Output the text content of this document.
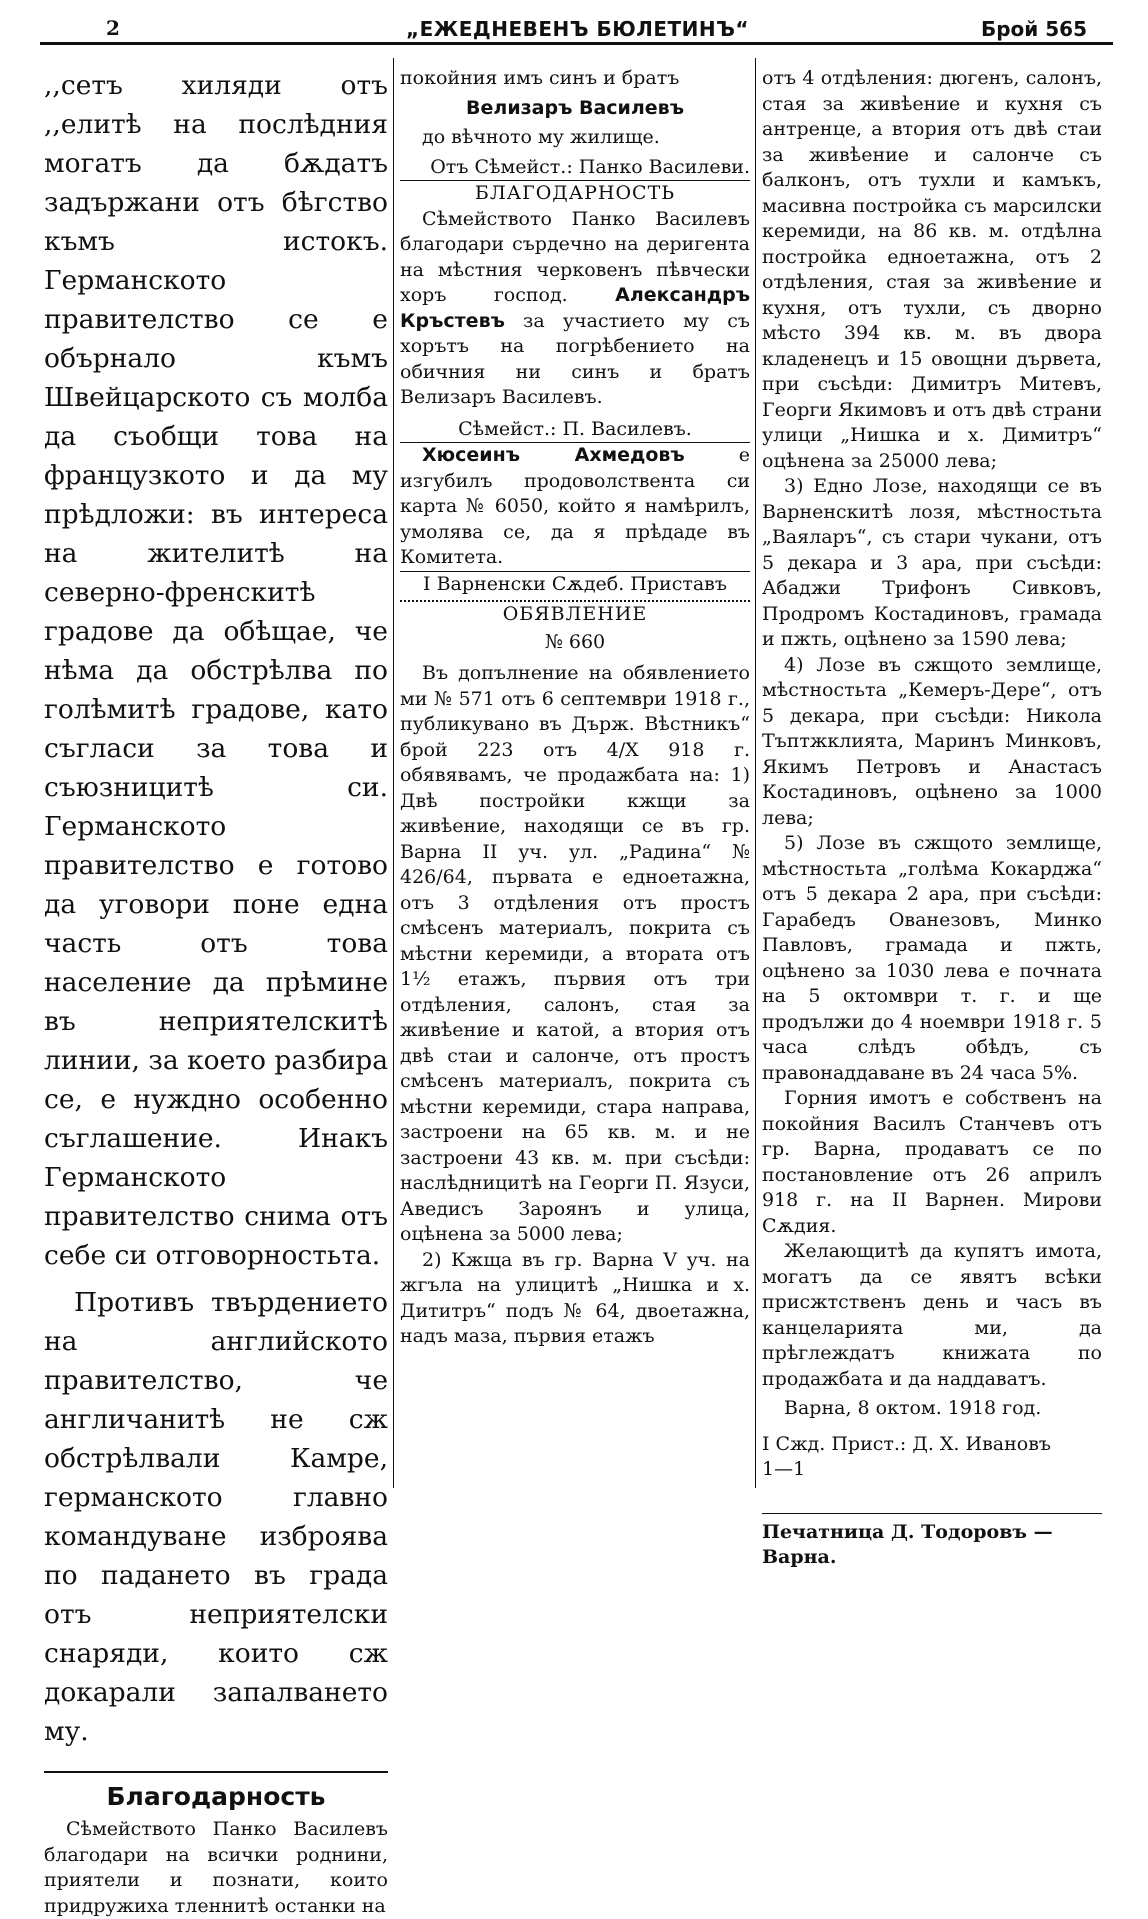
2	„ЕЖЕДНЕВЕНЪ БЮЛЕТИНЪ“	Брой 565

,,сетъ хиляди отъ ,,елитѣ на послѣдния могатъ да бѫдатъ задържани отъ бѣгство къмъ истокъ. Германското правителство се е обърнало къмъ Швейцарското съ молба да съобщи това на французкото и да му прѣдложи: въ интереса на жителитѣ на северно-френскитѣ градове да обѣщае, че нѣма да обстрѣлва по голѣмитѣ градове, като съгласи за това и съюзницитѣ си. Германското правителство е готово да уговори поне една часть отъ това население да прѣмине въ неприятелскитѣ линии, за което разбира се, е нуждно особенно съглашение. Инакъ Германското правителство снима отъ себе си отговорностьта.

Противъ твърдението на английското правителство, че англичанитѣ не сж обстрѣлвали Камре, германското главно командуване изброява по паданeто въ града отъ неприятелски снаряди, които сж докарали запалването му.

Благодарность

Сѣмейството Панко Василевъ благодари на всички роднини, приятели и познати, които придружиха тленнитѣ останки на

покойния имъ синъ и братъ
Велизаръ Василевъ
до вѣчното му жилище.
Отъ Сѣмейст.: Панко Василеви.
БЛАГОДАРНОСТЬ

Сѣмейството Панко Василевъ благодари сърдечно на деригента на мѣстния черковенъ пѣвчески хоръ господ. Александръ Кръстевъ за участието му съ хорътъ на погрѣбението на обичния ни синъ и братъ Велизаръ Василевъ.

Сѣмейст.: П. Василевъ.

Хюсеинъ Ахмедовъ	е изгубилъ продоволствента си карта № 6050, който я намѣрилъ, умолява се, да я прѣдаде въ Комитета.

I Варненски Сѫдеб. Приставъ
ОБЯВЛЕНИЕ
№ 660

Въ допълнение на обявлението ми № 571 отъ 6 септември 1918 г., публикувано въ Държ. Вѣстникъ“ брой 223 отъ 4/X 918 г. обявявамъ, че продажбата на: 1) Двѣ постройки кжщи за живѣение, находящи се въ гр. Варна II уч. ул. „Радина“ № 426/64, първата е едноетажна, отъ 3 отдѣления отъ простъ смѣсенъ материалъ, покрита съ мѣстни керемиди, а втората отъ 1½ етажъ, първия отъ три отдѣления, салонъ, стая за живѣение и катой, а втория отъ двѣ стаи и салонче, отъ простъ смѣсенъ материалъ, покрита съ мѣстни керемиди, стара направа, застроени на 65 кв. м. и не застроени 43 кв. м. при съсѣди: наслѣдницитѣ на Георги П. Язуси, Аведисъ Зароянъ и улица, оцѣнена за 5000 лева;

2) Кжща въ гр. Варна V уч. на жгъла на улицитѣ „Нишка и х. Дититръ“ подъ № 64, двоетажна, надъ маза, първия етажъ

отъ 4 отдѣления: дюгенъ, салонъ, стая за живѣение и кухня съ антренце, а втория отъ двѣ стаи за живѣение и салонче съ балконъ, отъ тухли и камъкъ, масивна постройка съ марсилски керемиди, на 86 кв. м. отдѣлна постройка едноетажна, отъ 2 отдѣления, стая за живѣение и кухня, отъ тухли, съ дворно мѣсто 394 кв. м. въ двора кладенецъ и 15 овощни дървета, при съсѣди: Димитръ Митевъ, Георги Якимовъ и отъ двѣ страни улици „Нишка и х. Димитръ“ оцѣнена за 25000 лева;

3) Едно Лозе, находящи се въ Варненскитѣ лозя, мѣстностьта „Ваяларъ“, съ стари чукани, отъ 5 декара и 3 ара, при съсѣди: Абаджи Трифонъ Сивковъ, Продромъ Костадиновъ, грамада и пжть, оцѣнено за 1590 лева;

4) Лозе въ сжщото землище, мѣстностьта „Кемеръ-Дере“, отъ 5 декара, при съсѣди: Никола Тъптжклията, Маринъ Минковъ, Якимъ Петровъ и Анастасъ Костадиновъ, оцѣнено за 1000 лева;

5) Лозе въ сжщото землище, мѣстностьта „голѣма Кокарджа“ отъ 5 декара 2 ара, при съсѣди: Гарабедъ Ованезовъ, Минко Павловъ, грамада и пжть, оцѣнено за 1030 лева е почната на 5 октомври т. г. и ще продължи до 4 ноември 1918 г. 5 часа слѣдъ обѣдъ, съ правонаддаване въ 24 часа 5%.

Горния имотъ е собственъ на покойния Василъ Станчевъ отъ гр. Варна, продаватъ се по постановление отъ 26 априлъ 918 г. на II Варнен. Мирови Сѫдия.

Желающитѣ да купятъ имота, могатъ да се явятъ всѣки присжтственъ день и часъ въ канцеларията ми, да прѣглеждатъ книжата по продажбата и да наддаватъ.

Варна, 8 октом. 1918 год.
I Сжд. Прист.: Д. Х. Ивановъ
1—1
Печатница Д. Тодоровъ — Варна.
